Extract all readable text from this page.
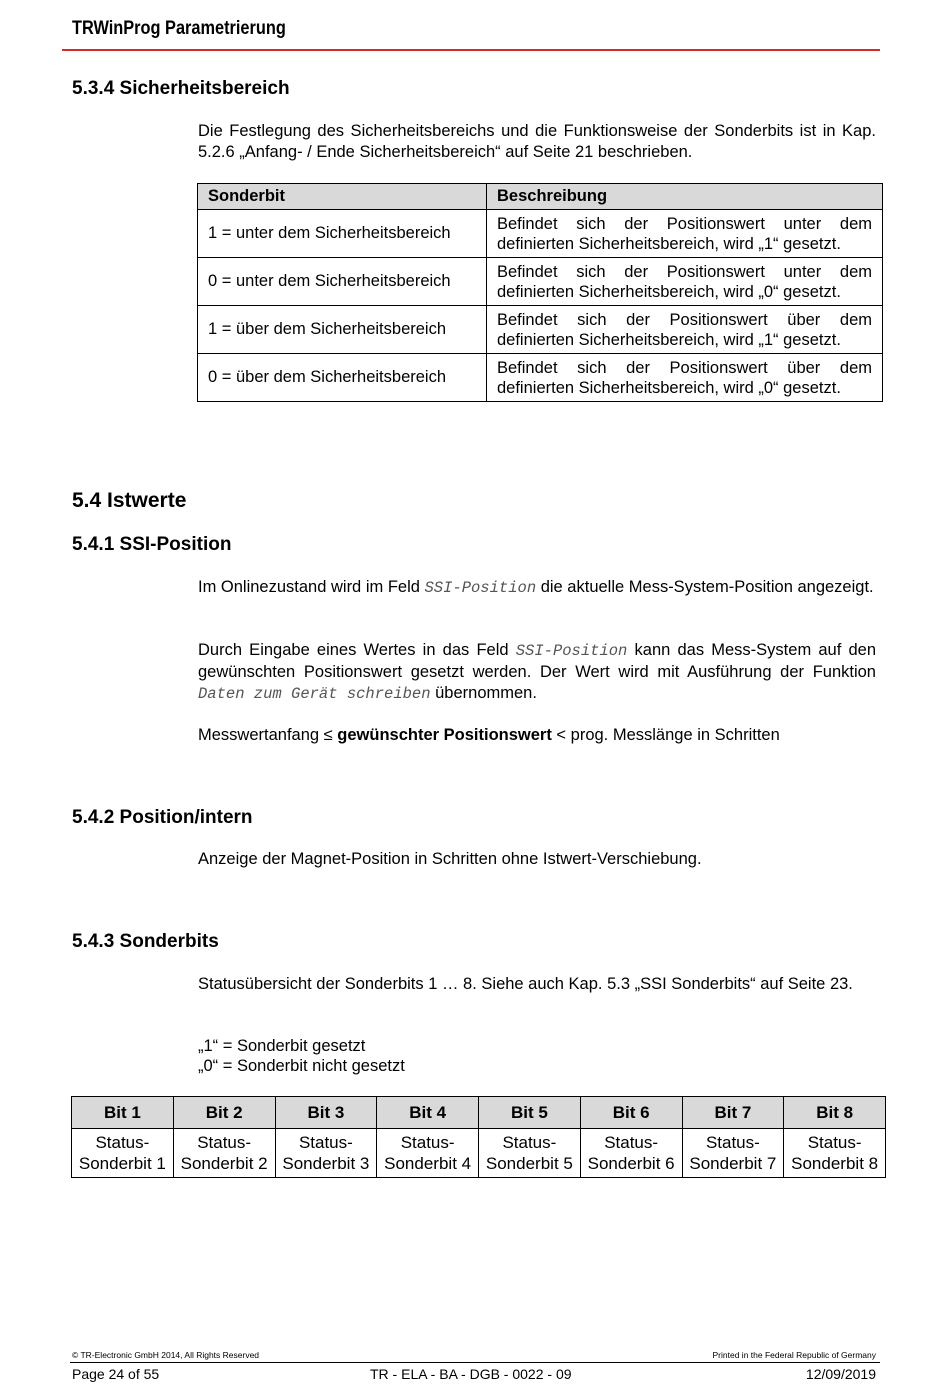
TRWinProg Parametrierung
5.3.4 Sicherheitsbereich

Die Festlegung des Sicherheitsbereichs und die Funktionsweise der Sonderbits ist in Kap. 5.2.6 „Anfang- / Ende Sicherheitsbereich“ auf Seite 21 beschrieben.

Sonderbit	Beschreibung
1 = unter dem Sicherheitsbereich	Befindet sich der Positionswert unter dem definierten Sicherheitsbereich, wird „1“ gesetzt.
0 = unter dem Sicherheitsbereich	Befindet sich der Positionswert unter dem definierten Sicherheitsbereich, wird „0“ gesetzt.
1 = über dem Sicherheitsbereich	Befindet sich der Positionswert über dem definierten Sicherheitsbereich, wird „1“ gesetzt.
0 = über dem Sicherheitsbereich	Befindet sich der Positionswert über dem definierten Sicherheitsbereich, wird „0“ gesetzt.
5.4 Istwerte
5.4.1 SSI-Position

Im Onlinezustand wird im Feld SSI-Position die aktuelle Mess-System-Position angezeigt.

Durch Eingabe eines Wertes in das Feld SSI-Position kann das Mess-System auf den gewünschten Positionswert gesetzt werden. Der Wert wird mit Ausführung der Funktion Daten zum Gerät schreiben übernommen.

Messwertanfang ≤ gewünschter Positionswert < prog. Messlänge in Schritten

5.4.2 Position/intern

Anzeige der Magnet-Position in Schritten ohne Istwert-Verschiebung.

5.4.3 Sonderbits

Statusübersicht der Sonderbits 1 … 8. Siehe auch Kap. 5.3 „SSI Sonderbits“ auf Seite 23.

„1“ = Sonderbit gesetzt

„0“ = Sonderbit nicht gesetzt

Bit 1	Bit 2	Bit 3	Bit 4	Bit 5	Bit 6	Bit 7	Bit 8
Status-
Sonderbit 1	Status-
Sonderbit 2	Status-
Sonderbit 3	Status-
Sonderbit 4	Status-
Sonderbit 5	Status-
Sonderbit 6	Status-
Sonderbit 7	Status-
Sonderbit 8
© TR-Electronic GmbH 2014, All Rights Reserved	Printed in the Federal Republic of Germany
Page 24 of 55	TR - ELA - BA - DGB - 0022 - 09	12/09/2019
